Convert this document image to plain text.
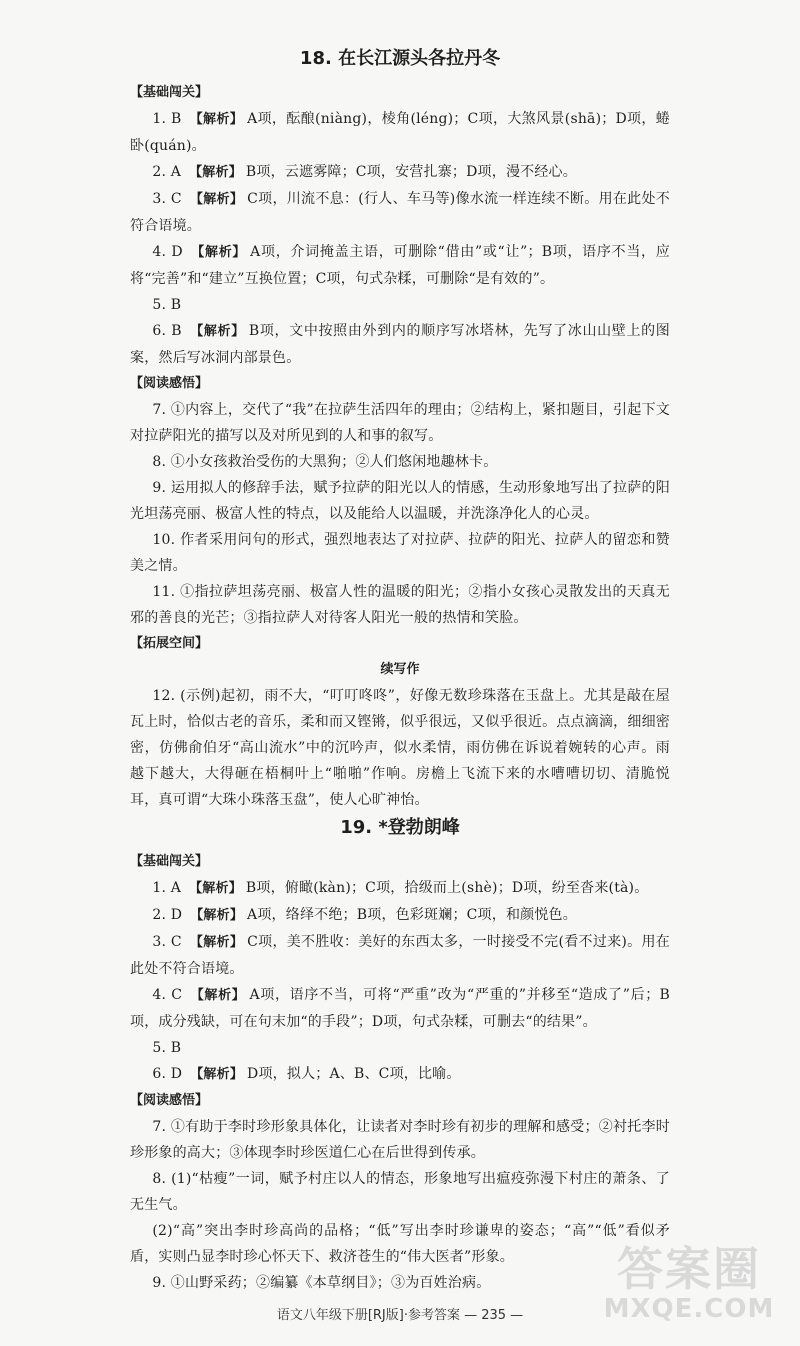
18. 在长江源头各拉丹冬
【基础闯关】

1. B 【解析】 A项，酝酿(niàng)，棱角(léng)；C项，大煞风景(shā)；D项，蜷卧(quán)。

2. A 【解析】 B项，云遮雾障；C项，安营扎寨；D项，漫不经心。

3. C 【解析】 C项，川流不息：(行人、车马等)像水流一样连续不断。用在此处不符合语境。

4. D 【解析】 A项，介词掩盖主语，可删除“借由”或“让”；B项，语序不当，应将“完善”和“建立”互换位置；C项，句式杂糅，可删除“是有效的”。

5. B

6. B 【解析】 B项，文中按照由外到内的顺序写冰塔林，先写了冰山山壁上的图案，然后写冰洞内部景色。

【阅读感悟】

7. ①内容上，交代了“我”在拉萨生活四年的理由；②结构上，紧扣题目，引起下文对拉萨阳光的描写以及对所见到的人和事的叙写。

8. ①小女孩救治受伤的大黑狗；②人们悠闲地趣林卡。

9. 运用拟人的修辞手法，赋予拉萨的阳光以人的情感，生动形象地写出了拉萨的阳光坦荡亮丽、极富人性的特点，以及能给人以温暖，并洗涤净化人的心灵。

10. 作者采用问句的形式，强烈地表达了对拉萨、拉萨的阳光、拉萨人的留恋和赞美之情。

11. ①指拉萨坦荡亮丽、极富人性的温暖的阳光；②指小女孩心灵散发出的天真无邪的善良的光芒；③指拉萨人对待客人阳光一般的热情和笑脸。

【拓展空间】
续写作

12. (示例)起初，雨不大，“叮叮咚咚”，好像无数珍珠落在玉盘上。尤其是敲在屋瓦上时，恰似古老的音乐，柔和而又铿锵，似乎很远，又似乎很近。点点滴滴，细细密密，仿佛俞伯牙“高山流水”中的沉吟声，似水柔情，雨仿佛在诉说着婉转的心声。雨越下越大，大得砸在梧桐叶上“啪啪”作响。房檐上飞流下来的水嘈嘈切切、清脆悦耳，真可谓“大珠小珠落玉盘”，使人心旷神怡。

19. *登勃朗峰
【基础闯关】

1. A 【解析】 B项，俯瞰(kàn)；C项，拾级而上(shè)；D项，纷至沓来(tà)。

2. D 【解析】 A项，络绎不绝；B项，色彩斑斓；C项，和颜悦色。

3. C 【解析】 C项，美不胜收：美好的东西太多，一时接受不完(看不过来)。用在此处不符合语境。

4. C 【解析】 A项，语序不当，可将“严重”改为“严重的”并移至“造成了”后；B项，成分残缺，可在句末加“的手段”；D项，句式杂糅，可删去“的结果”。

5. B

6. D 【解析】 D项，拟人；A、B、C项，比喻。

【阅读感悟】

7. ①有助于李时珍形象具体化，让读者对李时珍有初步的理解和感受；②衬托李时珍形象的高大；③体现李时珍医道仁心在后世得到传承。

8. (1)“枯瘦”一词，赋予村庄以人的情态，形象地写出瘟疫弥漫下村庄的萧条、了无生气。

(2)“高”突出李时珍高尚的品格；“低”写出李时珍谦卑的姿态；“高”“低”看似矛盾，实则凸显李时珍心怀天下、救济苍生的“伟大医者”形象。

9. ①山野采药；②编纂《本草纲目》；③为百姓治病。

语文八年级下册[RJ版]·参考答案 — 235 —
答案圈
MXQE.COM
